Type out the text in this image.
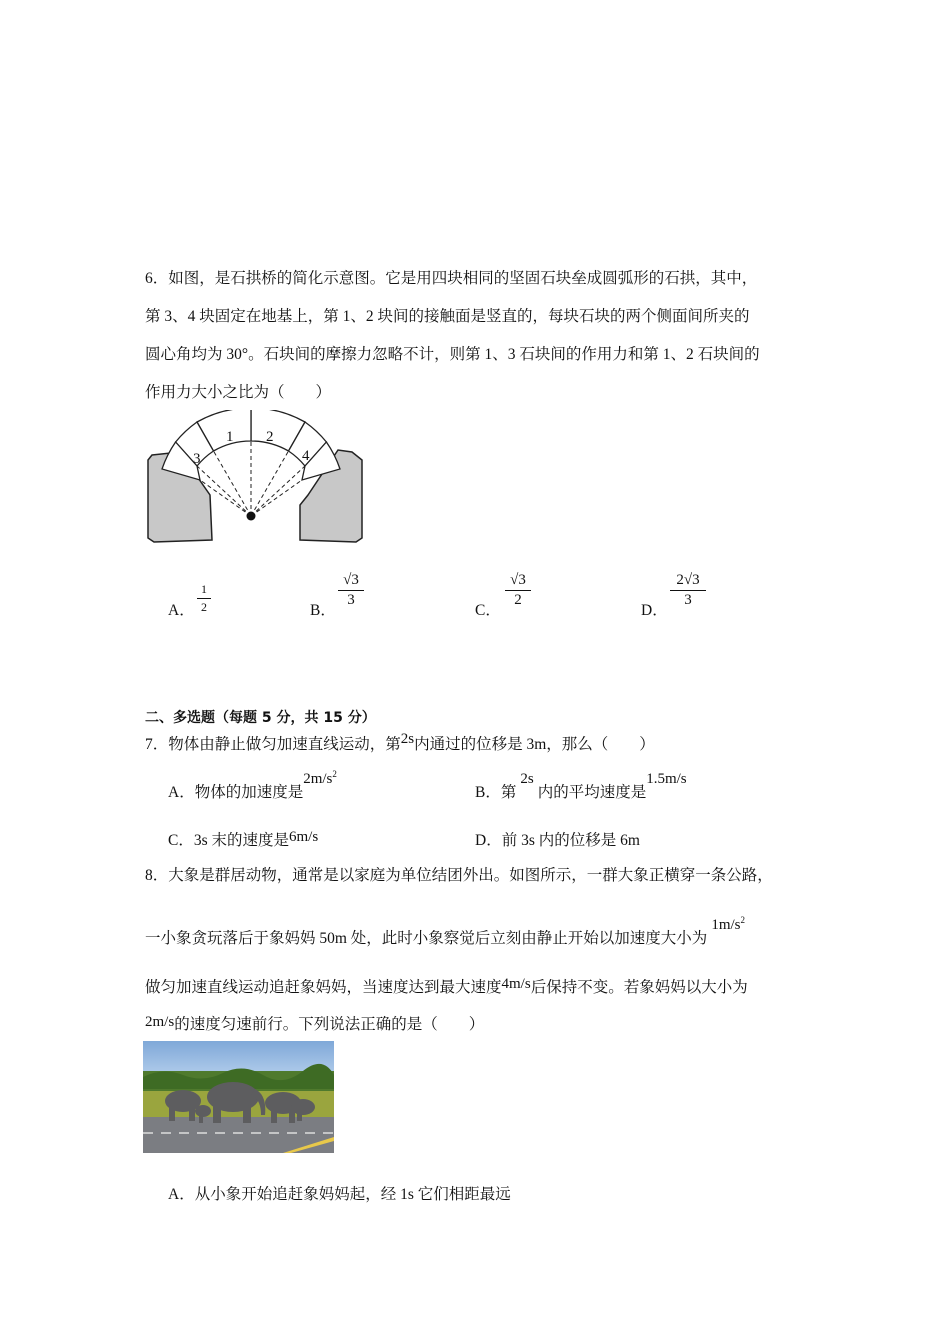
6．如图，是石拱桥的简化示意图。它是用四块相同的坚固石块垒成圆弧形的石拱，其中，
第 3、4 块固定在地基上，第 1、2 块间的接触面是竖直的，每块石块的两个侧面间所夹的
圆心角均为 30°。石块间的摩擦力忽略不计，则第 1、3 石块间的作用力和第 1、2 石块间的
作用力大小之比为（　　）
1 2
3	4
A．
1
2	B．
√3
3
C．
√3
2
D．
2√3
3
二、多选题（每题 5 分，共 15 分）
7．物体由静止做匀加速直线运动，第2s内通过的位移是 3m，那么（　　）
A．物体的加速度是$2m/s^2$
B．第2s内的平均速度是1.5m/s
C．3s 末的速度是6m/s	D．前 3s 内的位移是 6m
8．大象是群居动物，通常是以家庭为单位结团外出。如图所示，一群大象正横穿一条公路，
一小象贪玩落后于象妈妈 50m 处，此时小象察觉后立刻由静止开始以加速度大小为$1m/s^2$
做匀加速直线运动追赶象妈妈，当速度达到最大速度4m/s后保持不变。若象妈妈以大小为
2m/s的速度匀速前行。下列说法正确的是（　　）
A．从小象开始追赶象妈妈起，经 1s 它们相距最远
